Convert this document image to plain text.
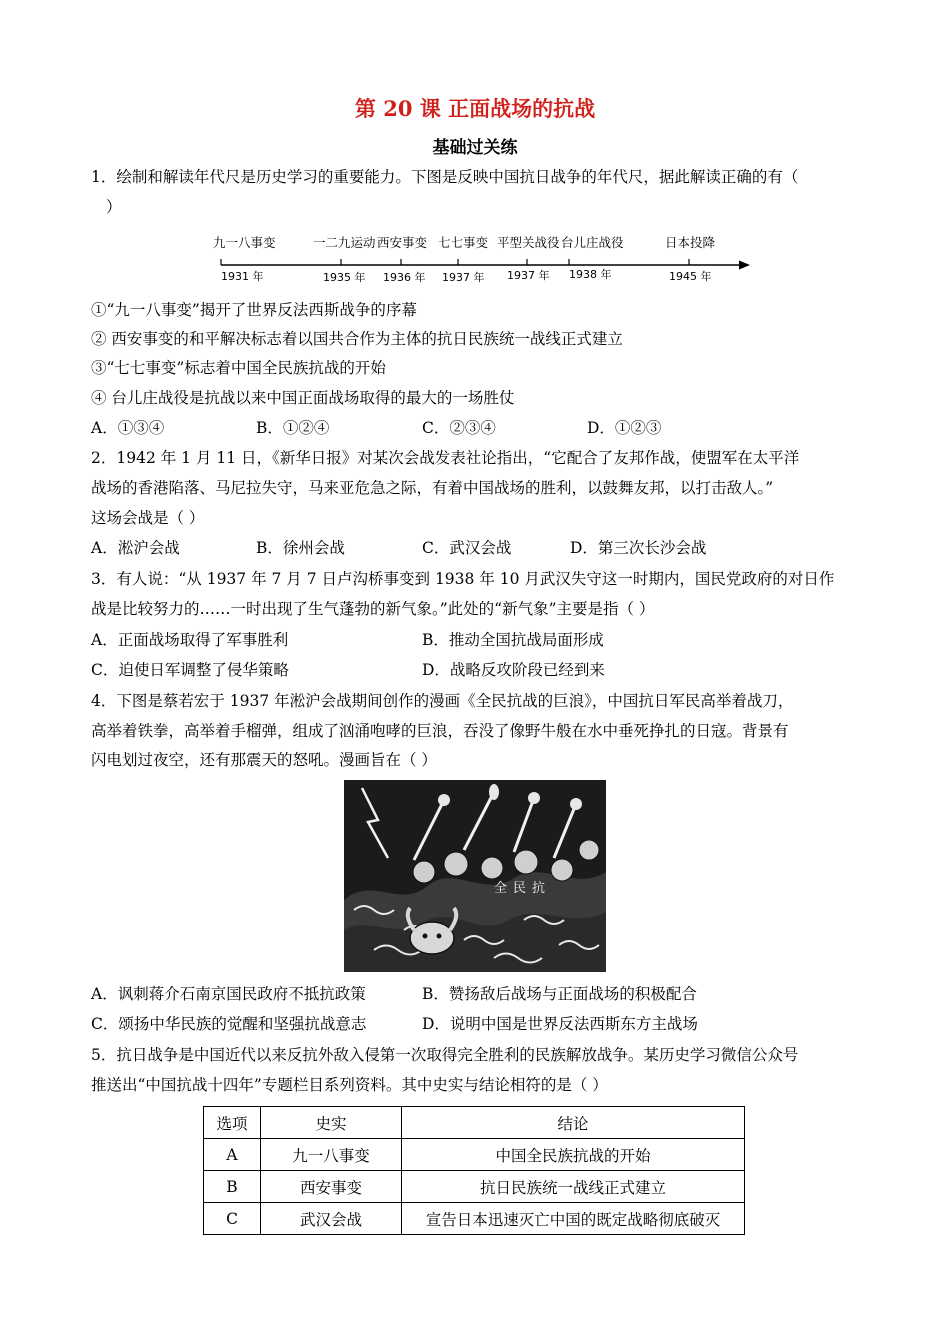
第 20 课 正面战场的抗战
基础过关练
1．绘制和解读年代尺是历史学习的重要能力。下图是反映中国抗日战争的年代尺，据此解读正确的有（
）
九一八事变	一二九运动 西安事变 七七事变 平型关战役 台儿庄战役	日本投降
1931 年	1935 年 1936 年 1937 年 1937 年 1938 年	1945 年
①“九一八事变”揭开了世界反法西斯战争的序幕
② 西安事变的和平解决标志着以国共合作为主体的抗日民族统一战线正式建立
③“七七事变”标志着中国全民族抗战的开始
④ 台儿庄战役是抗战以来中国正面战场取得的最大的一场胜仗
A．①③④	B．①②④	C．②③④	D．①②③
2．1942 年 1 月 11 日，《新华日报》对某次会战发表社论指出，“它配合了友邦作战，使盟军在太平洋
战场的香港陷落、马尼拉失守，马来亚危急之际，有着中国战场的胜利，以鼓舞友邦，以打击敌人。”
这场会战是（ ）
A．淞沪会战	B．徐州会战	C．武汉会战	D．第三次长沙会战
3．有人说：“从 1937 年 7 月 7 日卢沟桥事变到 1938 年 10 月武汉失守这一时期内，国民党政府的对日作
战是比较努力的……一时出现了生气蓬勃的新气象。”此处的“新气象”主要是指（ ）
A．正面战场取得了军事胜利	B．推动全国抗战局面形成
C．迫使日军调整了侵华策略	D．战略反攻阶段已经到来
4．下图是蔡若宏于 1937 年淞沪会战期间创作的漫画《全民抗战的巨浪》，中国抗日军民高举着战刀，
高举着铁拳，高举着手榴弹，组成了汹涌咆哮的巨浪，吞没了像野牛般在水中垂死挣扎的日寇。背景有
闪电划过夜空，还有那震天的怒吼。漫画旨在（ ）
全民抗
A．讽刺蒋介石南京国民政府不抵抗政策	B．赞扬敌后战场与正面战场的积极配合
C．颂扬中华民族的觉醒和坚强抗战意志	D．说明中国是世界反法西斯东方主战场
5．抗日战争是中国近代以来反抗外敌入侵第一次取得完全胜利的民族解放战争。某历史学习微信公众号
推送出“中国抗战十四年”专题栏目系列资料。其中史实与结论相符的是（ ）
选项	史实	结论
A	九一八事变	中国全民族抗战的开始
B	西安事变	抗日民族统一战线正式建立
C	武汉会战	宣告日本迅速灭亡中国的既定战略彻底破灭
